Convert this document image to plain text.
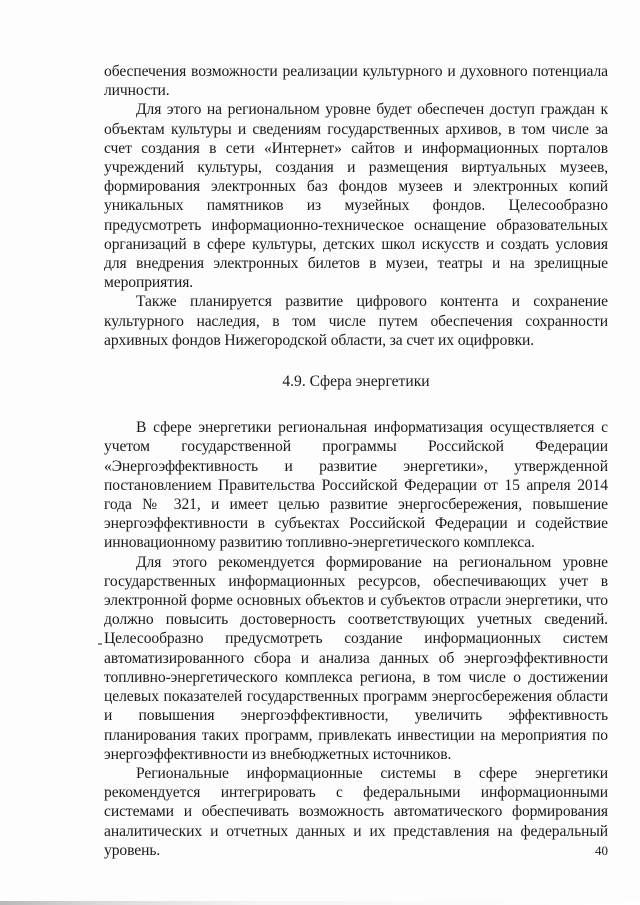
обеспечения возможности реализации культурного и духовного потенциала личности.

Для этого на региональном уровне будет обеспечен доступ граждан к объектам культуры и сведениям государственных архивов, в том числе за счет создания в сети «Интернет» сайтов и информационных порталов учреждений культуры, создания и размещения виртуальных музеев, формирования электронных баз фондов музеев и электронных копий уникальных памятников из музейных фондов. Целесообразно предусмотреть информационно-техническое оснащение образовательных организаций в сфере культуры, детских школ искусств и создать условия для внедрения электронных билетов в музеи, театры и на зрелищные мероприятия.

Также планируется развитие цифрового контента и сохранение культурного наследия, в том числе путем обеспечения сохранности архивных фондов Нижегородской области, за счет их оцифровки.

4.9. Сфера энергетики

В сфере энергетики региональная информатизация осуществляется с учетом государственной программы Российской Федерации «Энергоэффективность и развитие энергетики», утвержденной постановлением Правительства Российской Федерации от 15 апреля 2014 года № 321, и имеет целью развитие энергосбережения, повышение энергоэффективности в субъектах Российской Федерации и содействие инновационному развитию топливно-энергетического комплекса.

Для этого рекомендуется формирование на региональном уровне государственных информационных ресурсов, обеспечивающих учет в электронной форме основных объектов и субъектов отрасли энергетики, что должно повысить достоверность соответствующих учетных сведений. Целесообразно предусмотреть создание информационных систем автоматизированного сбора и анализа данных об энергоэффективности топливно-энергетического комплекса региона, в том числе о достижении целевых показателей государственных программ энергосбережения области и повышения энергоэффективности, увеличить эффективность планирования таких программ, привлекать инвестиции на мероприятия по энергоэффективности из внебюджетных источников.

Региональные информационные системы в сфере энергетики рекомендуется интегрировать с федеральными информационными системами и обеспечивать возможность автоматического формирования аналитических и отчетных данных и их представления на федеральный уровень.	40
